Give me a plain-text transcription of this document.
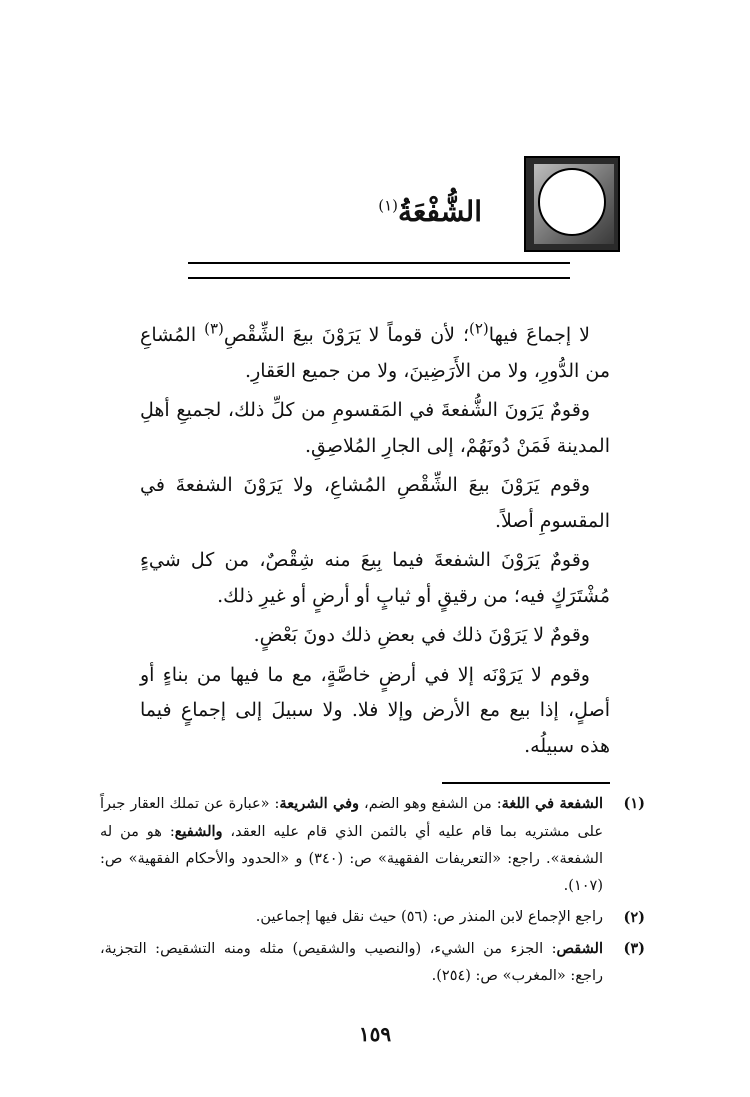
الشُّفْعَةُ$^{(١)}$

لا إجماعَ فيها$^{(٢)}$؛ لأن قوماً لا يَرَوْنَ بيعَ الشِّقْصِ$^{(٣)}$ المُشاعِ من الدُّورِ، ولا من الأَرَضِينَ، ولا من جميع العَقارِ.

وقومٌ يَرَونَ الشُّفعةَ في المَقسومِ من كلِّ ذلك، لجميعِ أهلِ المدينة فَمَنْ دُونَهُمْ، إلى الجارِ المُلاصِقِ.

وقوم يَرَوْنَ بيعَ الشِّقْصِ المُشاعِ، ولا يَرَوْنَ الشفعةَ في المقسومِ أصلاً.

وقومٌ يَرَوْنَ الشفعةَ فيما بِيعَ منه شِقْصٌ، من كل شيءٍ مُشْتَرَكٍ فيه؛ من رقيقٍ أو ثيابٍ أو أرضٍ أو غيرِ ذلك.

وقومٌ لا يَرَوْنَ ذلك في بعضِ ذلك دونَ بَعْضٍ.

وقوم لا يَرَوْنَه إلا في أرضٍ خاصَّةٍ، مع ما فيها من بناءٍ أو أصلٍ، إذا بيع مع الأرض وإلا فلا. ولا سبيلَ إلى إجماعٍ فيما هذه سبيلُه.

(١)
الشفعة في اللغة: من الشفع وهو الضم، وفي الشريعة: «عبارة عن تملك العقار جبراً على مشتريه بما قام عليه أي بالثمن الذي قام عليه العقد، والشفيع: هو من له الشفعة». راجع: «التعريفات الفقهية» ص: (٣٤٠) و «الحدود والأحكام الفقهية» ص: (١٠٧).
(٢)
راجع الإجماع لابن المنذر ص: (٥٦) حيث نقل فيها إجماعين.
(٣)
الشقص: الجزء من الشيء، (والنصيب والشقيص) مثله ومنه التشقيص: التجزية، راجع: «المغرب» ص: (٢٥٤).
١٥٩
